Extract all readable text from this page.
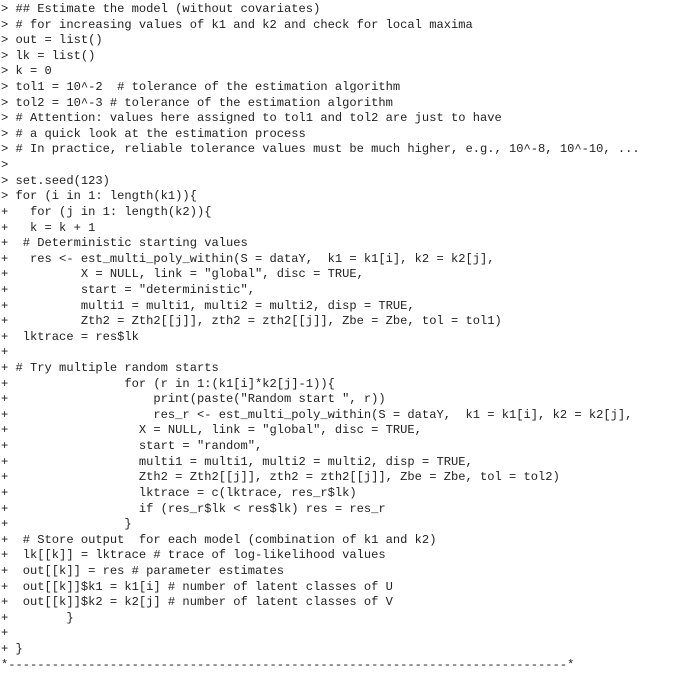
> ## Estimate the model (without covariates)
> # for increasing values of k1 and k2 and check for local maxima
> out = list()
> lk = list()
> k = 0
> tol1 = 10^-2  # tolerance of the estimation algorithm
> tol2 = 10^-3 # tolerance of the estimation algorithm
> # Attention: values here assigned to tol1 and tol2 are just to have
> # a quick look at the estimation process
> # In practice, reliable tolerance values must be much higher, e.g., 10^-8, 10^-10, ...
>
> set.seed(123)
> for (i in 1: length(k1)){
+   for (j in 1: length(k2)){
+   k = k + 1
+  # Deterministic starting values
+   res <- est_multi_poly_within(S = dataY,  k1 = k1[i], k2 = k2[j],
+          X = NULL, link = "global", disc = TRUE,
+          start = "deterministic",
+          multi1 = multi1, multi2 = multi2, disp = TRUE,
+          Zth2 = Zth2[[j]], zth2 = zth2[[j]], Zbe = Zbe, tol = tol1)
+  lktrace = res$lk
+
+ # Try multiple random starts
+                for (r in 1:(k1[i]*k2[j]-1)){
+                    print(paste("Random start ", r))
+                    res_r <- est_multi_poly_within(S = dataY,  k1 = k1[i], k2 = k2[j],
+                  X = NULL, link = "global", disc = TRUE,
+                  start = "random",
+                  multi1 = multi1, multi2 = multi2, disp = TRUE,
+                  Zth2 = Zth2[[j]], zth2 = zth2[[j]], Zbe = Zbe, tol = tol2)
+                  lktrace = c(lktrace, res_r$lk)
+                  if (res_r$lk < res$lk) res = res_r
+                }
+  # Store output  for each model (combination of k1 and k2)
+  lk[[k]] = lktrace # trace of log-likelihood values
+  out[[k]] = res # parameter estimates
+  out[[k]]$k1 = k1[i] # number of latent classes of U
+  out[[k]]$k2 = k2[j] # number of latent classes of V
+        }
+
+ }
*-----------------------------------------------------------------------------*
